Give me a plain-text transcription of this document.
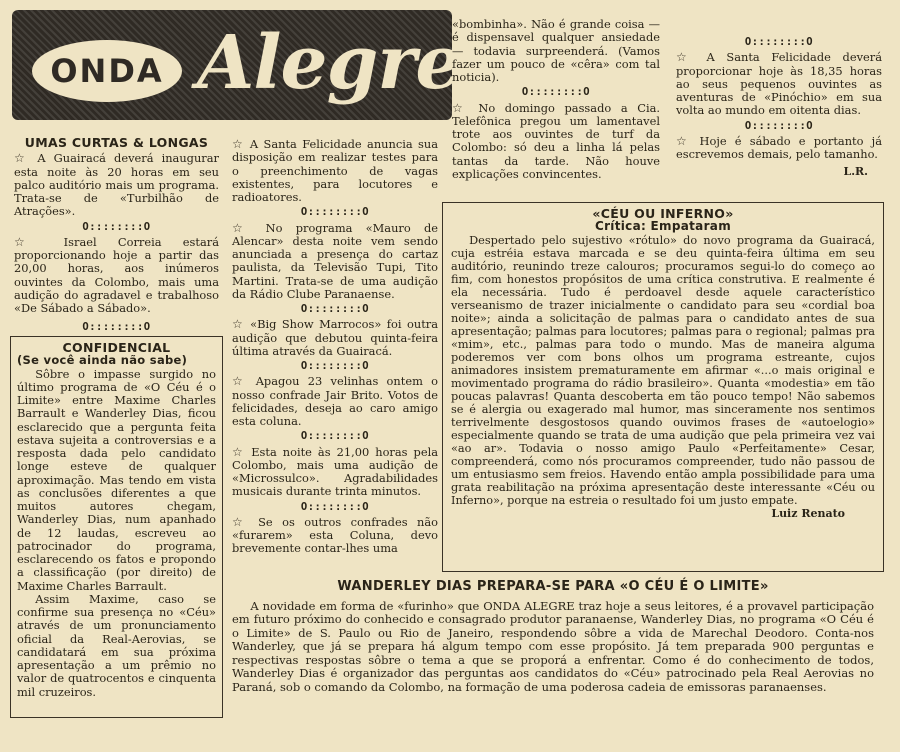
ONDA Alegre
UMAS CURTAS & LONGAS

☆ A Guairacá deverá inaugurar esta noite às 20 horas em seu palco auditório mais um programa. Trata-se de «Turbilhão de Atrações».

O::::::::O

☆ Israel Correia estará proporcionando hoje a partir das 20,00 horas, aos inúmeros ouvintes da Colombo, mais uma audição do agradavel e trabalhoso «De Sábado a Sábado».

O::::::::O
CONFIDENCIAL
(Se você ainda não sabe)

Sôbre o impasse surgido no último programa de «O Céu é o Limite» entre Maxime Charles Barrault e Wanderley Dias, ficou esclarecido que a pergunta feita estava sujeita a controversias e a resposta dada pelo candidato longe esteve de qualquer aproximação. Mas tendo em vista as conclusões diferentes a que muitos autores chegam, Wanderley Dias, num apanhado de 12 laudas, escreveu ao patrocinador do programa, esclarecendo os fatos e propondo a classificação (por direito) de Maxime Charles Barrault.

Assim Maxime, caso se confirme sua presença no «Céu» através de um pronunciamento oficial da Real-Aerovias, se candidatará em sua próxima apresentação a um prêmio no valor de quatrocentos e cinquenta mil cruzeiros.

☆ A Santa Felicidade anuncia sua disposição em realizar testes para o preenchimento de vagas existentes, para locutores e radioatores.

O::::::::O

☆ No programa «Mauro de Alencar» desta noite vem sendo anunciada a presença do cartaz paulista, da Televisão Tupi, Tito Martini. Trata-se de uma audição da Rádio Clube Paranaense.

O::::::::O

☆ «Big Show Marrocos» foi outra audição que debutou quinta-feira última através da Guairacá.

O::::::::O

☆ Apagou 23 velinhas ontem o nosso confrade Jair Brito. Votos de felicidades, deseja ao caro amigo esta coluna.

O::::::::O

☆ Esta noite às 21,00 horas pela Colombo, mais uma audição de «Microssulco». Agradabilidades musicais durante trinta minutos.

O::::::::O

☆ Se os outros confrades não «furarem» esta Coluna, devo brevemente contar-lhes uma

«bombinha». Não é grande coisa — é dispensavel qualquer ansiedade — todavia surpreenderá. (Vamos fazer um pouco de «cêra» com tal noticia).

O::::::::O

☆ No domingo passado a Cia. Telefônica pregou um lamentavel trote aos ouvintes de turf da Colombo: só deu a linha lá pelas tantas da tarde. Não houve explicações convincentes.

O::::::::O

☆ A Santa Felicidade deverá proporcionar hoje às 18,35 horas ao seus pequenos ouvintes as aventuras de «Pinóchio» em sua volta ao mundo em oitenta dias.

O::::::::O

☆ Hoje é sábado e portanto já escrevemos demais, pelo tamanho.

L.R.
«CÉU OU INFERNO»
Crítica: Empataram

Despertado pelo sujestivo «rótulo» do novo programa da Guairacá, cuja estréia estava marcada e se deu quinta-feira última em seu auditório, reunindo treze calouros; procuramos segui-lo do começo ao fim, com honestos propósitos de uma crítica construtiva. E realmente é ela necessária. Tudo é perdoavel desde aquele característico verseanismo de trazer inicialmente o candidato para seu «cordial boa noite»; ainda a solicitação de palmas para o candidato antes de sua apresentação; palmas para locutores; palmas para o regional; palmas pra «mim», etc., palmas para todo o mundo. Mas de maneira alguma poderemos ver com bons olhos um programa estreante, cujos animadores insistem prematuramente em afirmar «...o mais original e movimentado programa do rádio brasileiro». Quanta «modestia» em tão poucas palavras! Quanta descoberta em tão pouco tempo! Não sabemos se é alergia ou exagerado mal humor, mas sinceramente nos sentimos terrivelmente desgostosos quando ouvimos frases de «autoelogio» especialmente quando se trata de uma audição que pela primeira vez vai «ao ar». Todavia o nosso amigo Paulo «Perfeitamente» Cesar, compreenderá, como nós procuramos compreender, tudo não passou de um entusiasmo sem freios. Havendo então ampla possibilidade para uma grata reabilitação na próxima apresentação deste interessante «Céu ou Inferno», porque na estreia o resultado foi um justo empate.

Luiz Renato
WANDERLEY DIAS PREPARA-SE PARA «O CÉU É O LIMITE»

A novidade em forma de «furinho» que ONDA ALEGRE traz hoje a seus leitores, é a provavel participação em futuro próximo do conhecido e consagrado produtor paranaense, Wanderley Dias, no programa «O Céu é o Limite» de S. Paulo ou Rio de Janeiro, respondendo sôbre a vida de Marechal Deodoro. Conta-nos Wanderley, que já se prepara há algum tempo com esse propósito. Já tem preparada 900 perguntas e respectivas respostas sôbre o tema a que se proporá a enfrentar. Como é do conhecimento de todos, Wanderley Dias é organizador das perguntas aos candidatos do «Céu» patrocinado pela Real Aerovias no Paraná, sob o comando da Colombo, na formação de uma poderosa cadeia de emissoras paranaenses.
